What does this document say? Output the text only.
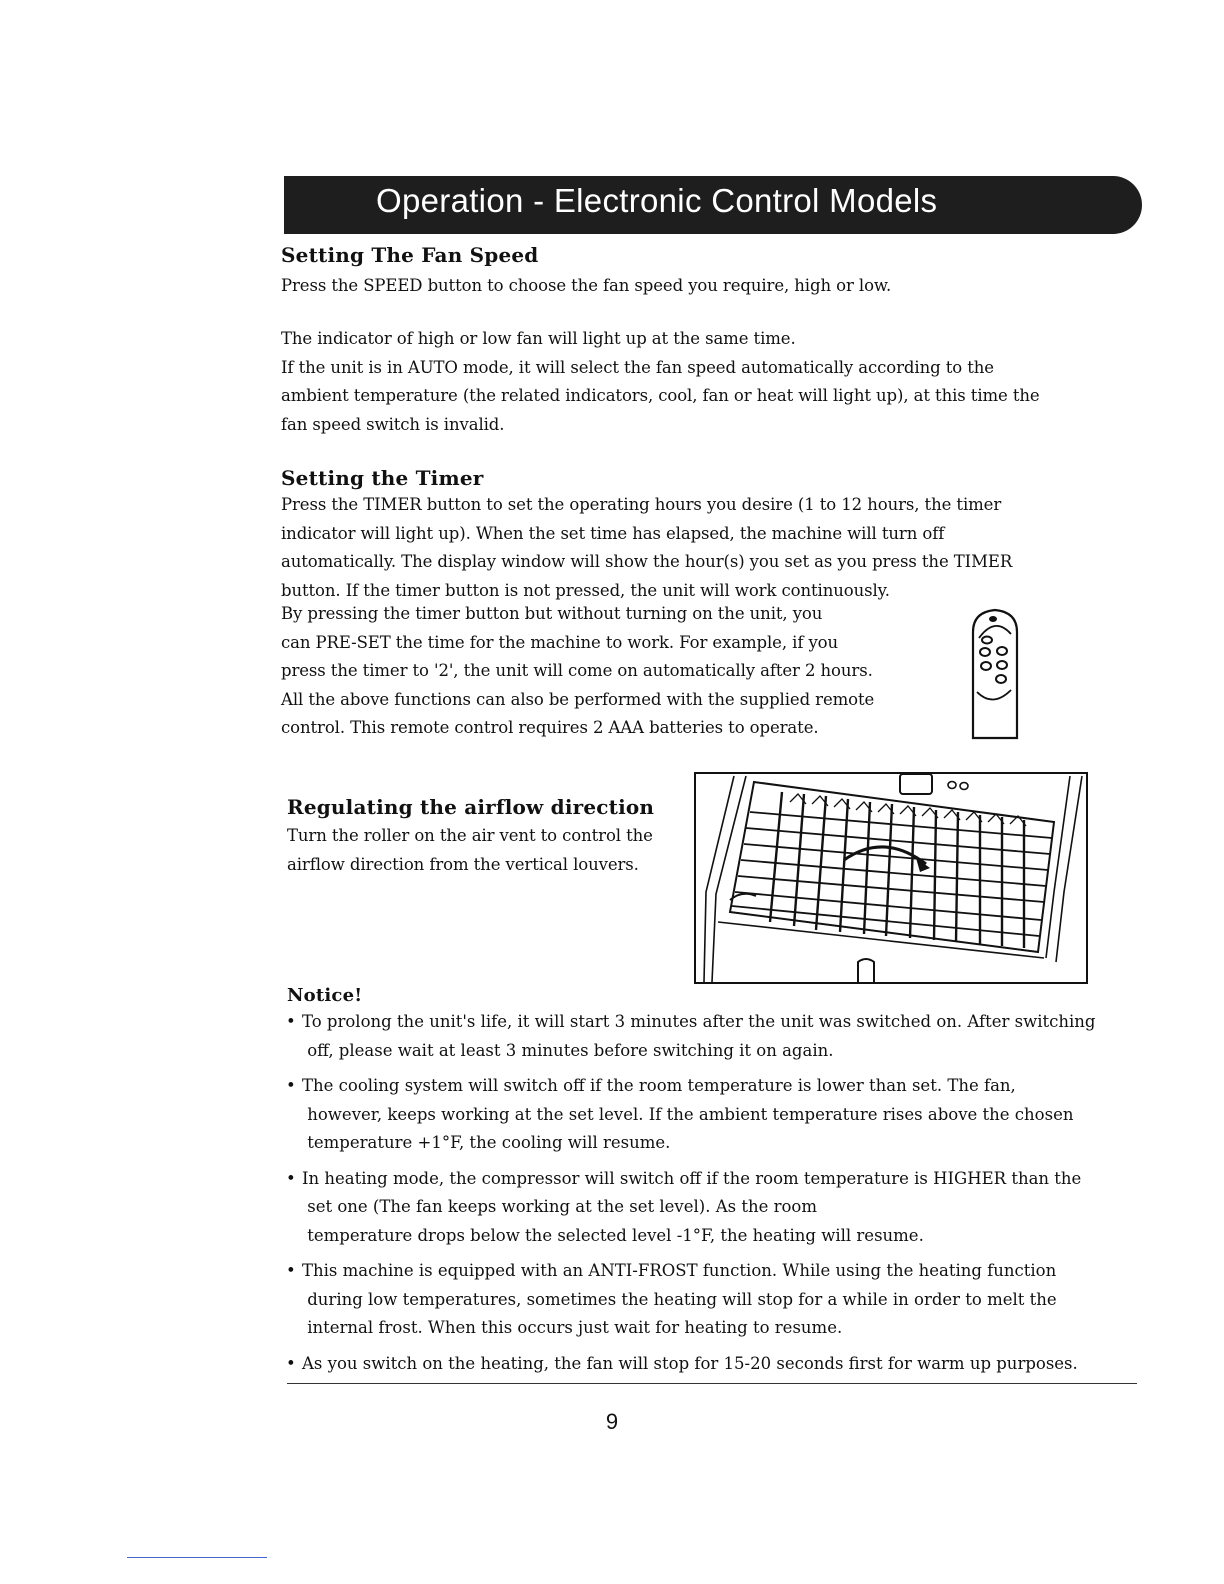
Operation - Electronic Control Models
Setting The Fan Speed
Press the SPEED button to choose the fan speed you require, high or low.
The indicator of high or low fan will light up at the same time.
If the unit is in AUTO mode, it will select the fan speed automatically according to the
ambient temperature (the related indicators, cool, fan or heat will light up), at this time the
fan speed switch is invalid.
Setting the Timer
Press the TIMER button to set the operating hours you desire (1 to 12 hours, the timer
indicator will light up). When the set time has elapsed, the machine will turn off
automatically. The display window will show the hour(s) you set as you press the TIMER
button. If the timer button is not pressed, the unit will work continuously.
By pressing the timer button but without turning on the unit, you
can PRE-SET the time for the machine to work. For example, if you
press the timer to '2', the unit will come on automatically after 2 hours.
All the above functions can also be performed with the supplied remote
control. This remote control requires 2 AAA batteries to operate.
Regulating the airflow direction
Turn the roller on the air vent to control the
airflow direction from the vertical louvers.
Notice!
• To prolong the unit's life, it will start 3 minutes after the unit was switched on. After switching
off, please wait at least 3 minutes before switching it on again.
• The cooling system will switch off if the room temperature is lower than set. The fan,
however, keeps working at the set level. If the ambient temperature rises above the chosen
temperature +1°F, the cooling will resume.
• In heating mode, the compressor will switch off if the room temperature is HIGHER than the
set one (The fan keeps working at the set level). As the room
temperature drops below the selected level -1°F, the heating will resume.
• This machine is equipped with an ANTI-FROST function. While using the heating function
during low temperatures, sometimes the heating will stop for a while in order to melt the
internal frost. When this occurs just wait for heating to resume.
• As you switch on the heating, the fan will stop for 15-20 seconds first for warm up purposes.
9
